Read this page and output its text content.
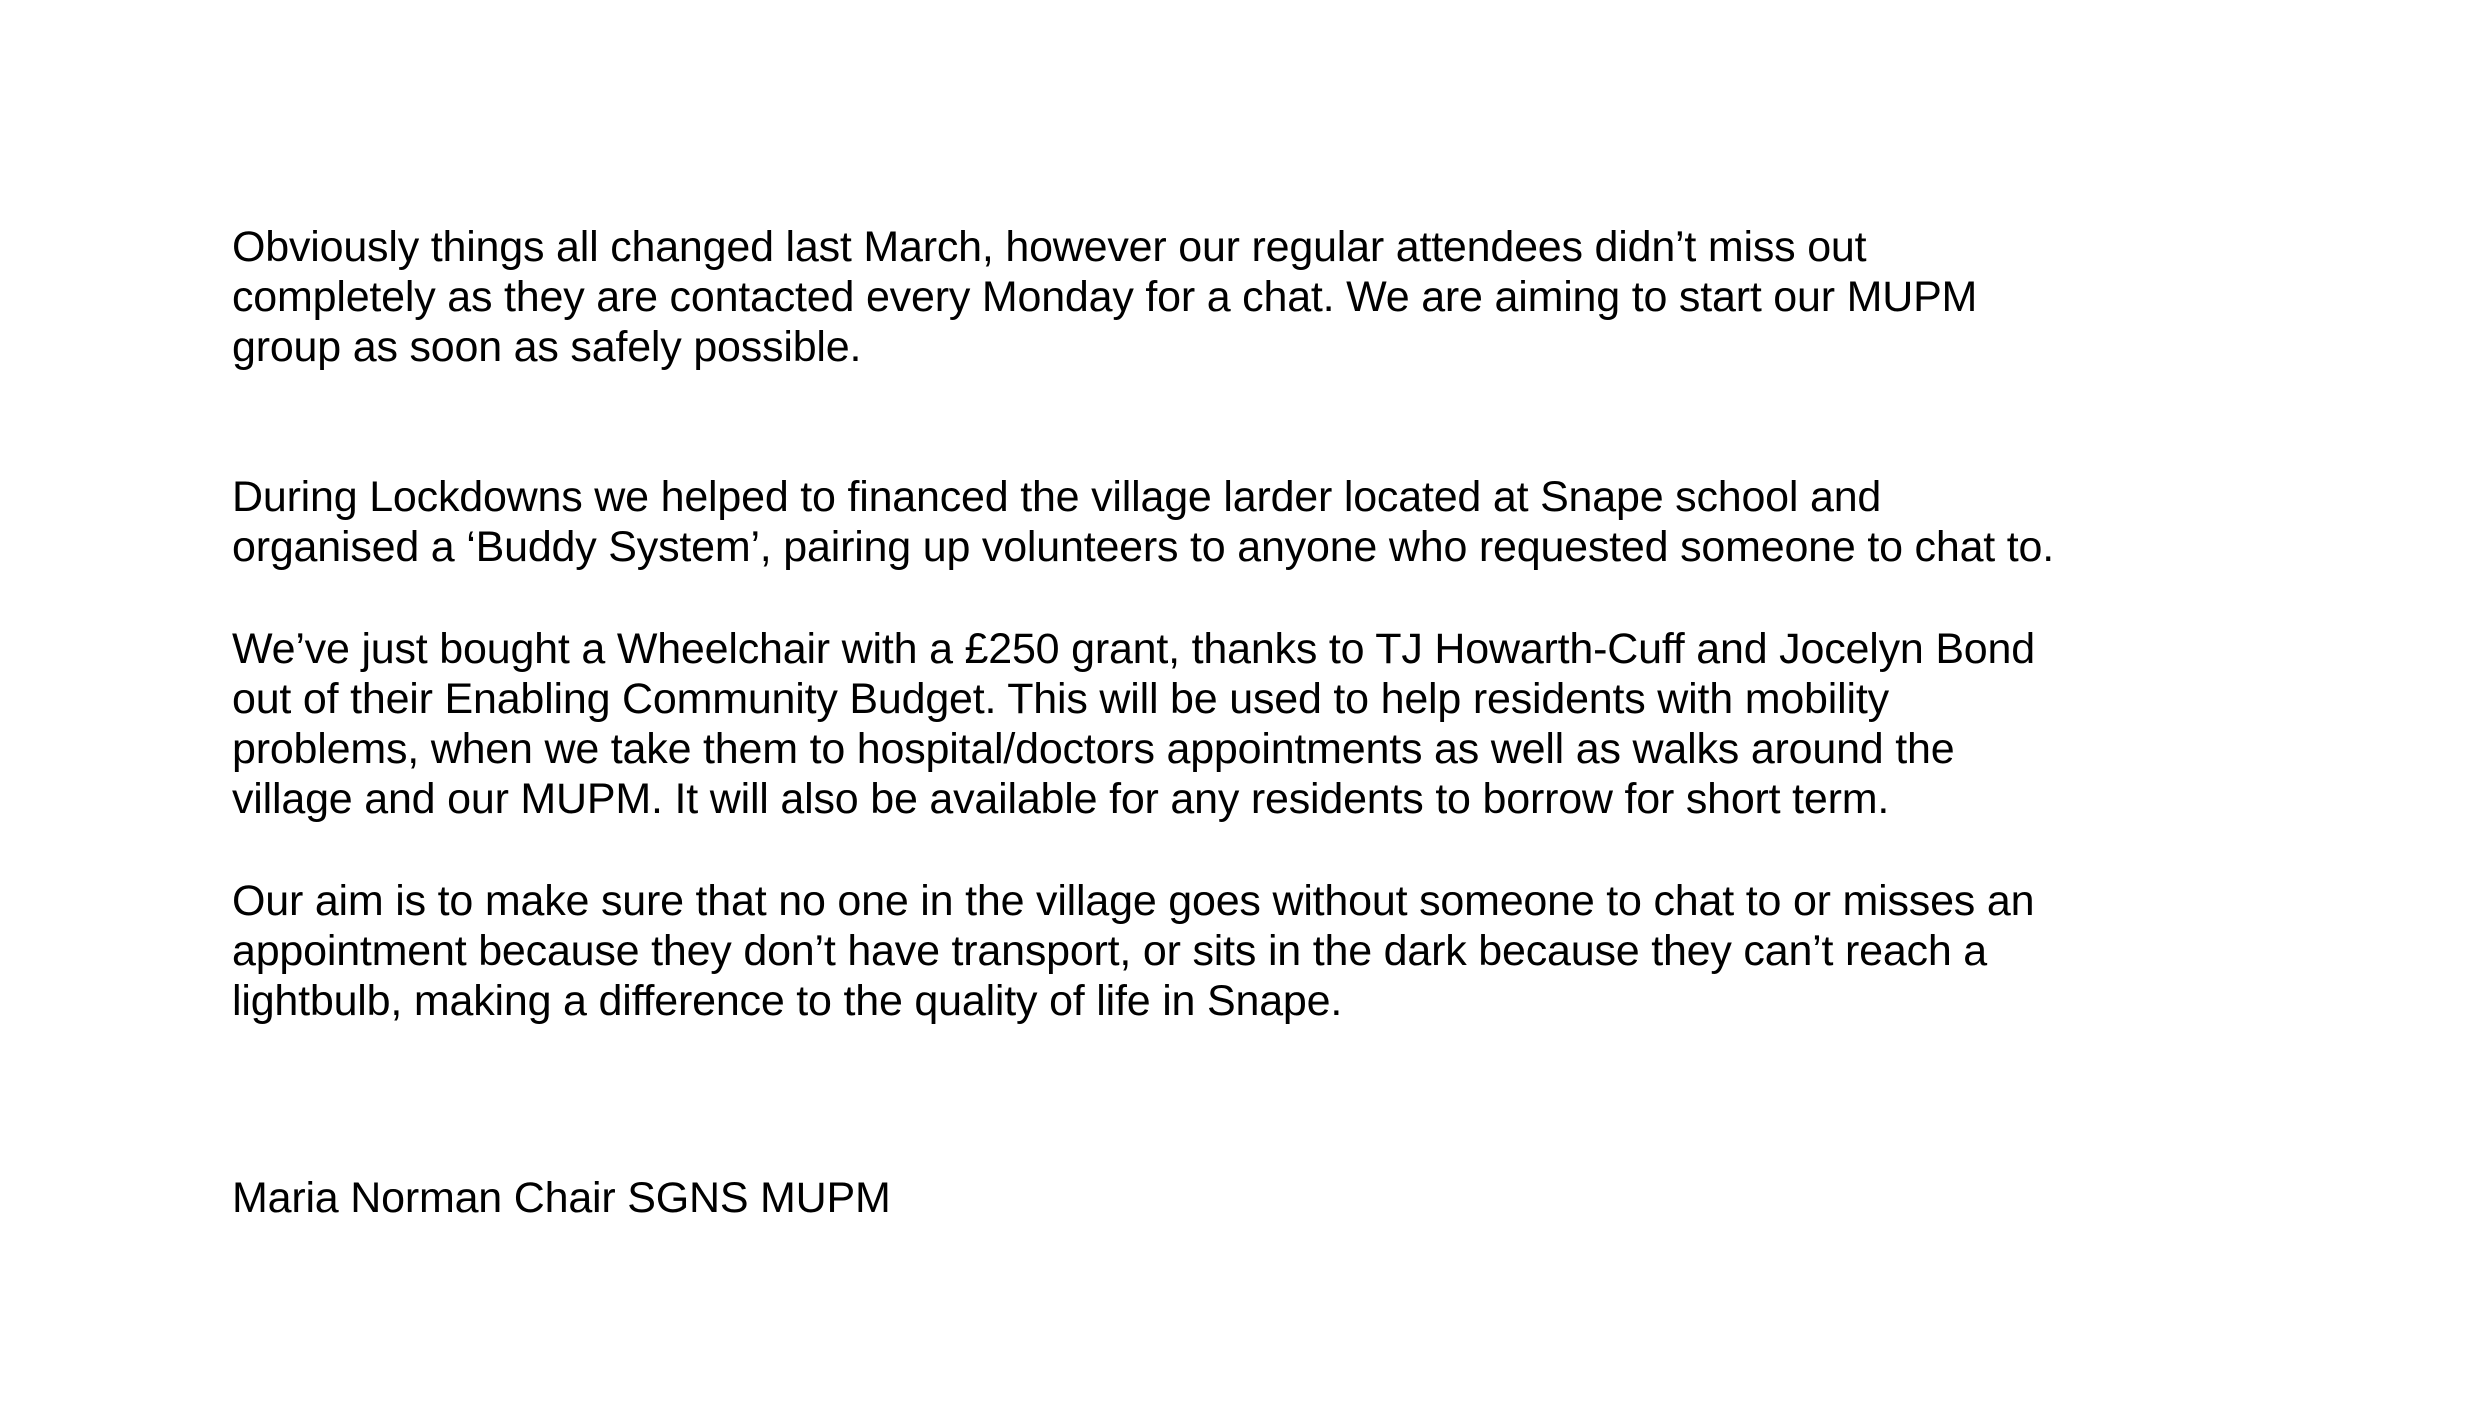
Obviously things all changed last March, however our regular attendees didn’t miss out
completely as they are contacted every Monday for a chat. We are aiming to start our MUPM
group as soon as safely possible.

During Lockdowns we helped to financed the village larder located at Snape school and
organised a ‘Buddy System’, pairing up volunteers to anyone who requested someone to chat to.

We’ve just bought a Wheelchair with a £250 grant, thanks to TJ Howarth-Cuff and Jocelyn Bond
out of their Enabling Community Budget. This will be used to help residents with mobility
problems, when we take them to hospital/doctors appointments as well as walks around the
village and our MUPM. It will also be available for any residents to borrow for short term.

Our aim is to make sure that no one in the village goes without someone to chat to or misses an
appointment because they don’t have transport, or sits in the dark because they can’t reach a
lightbulb, making a difference to the quality of life in Snape.

Maria Norman Chair SGNS MUPM
